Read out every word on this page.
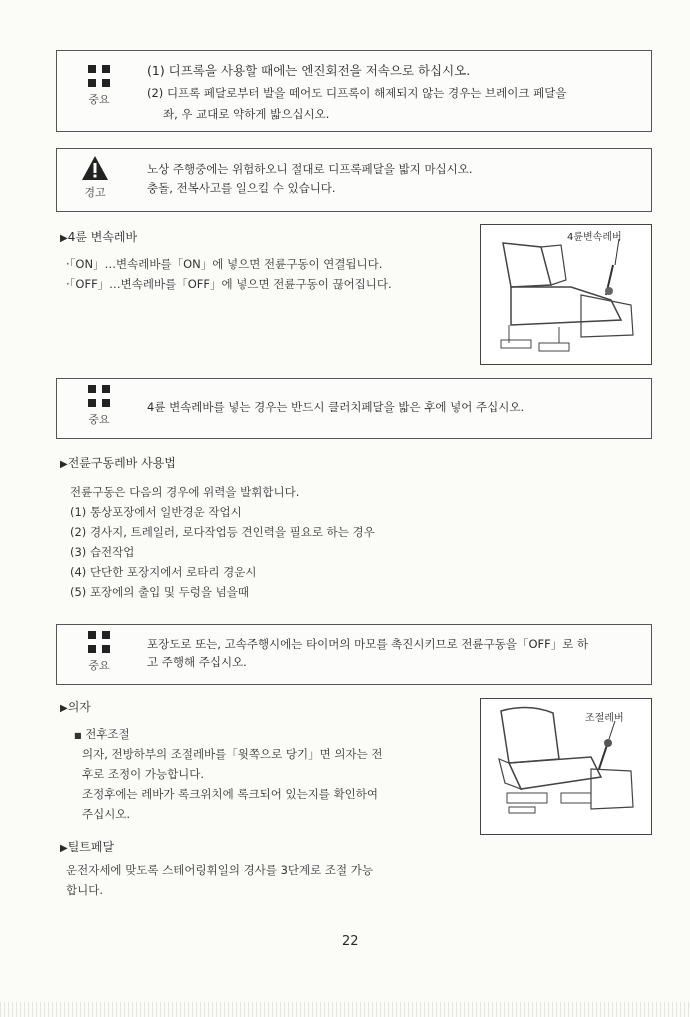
중요
(1) 디프록을 사용할 때에는 엔진회전을 저속으로 하십시오.
(2) 디프록 페달로부터 발을 떼어도 디프록이 해제되지 않는 경우는 브레이크 페달을
좌, 우 교대로 약하게 밟으십시오.
경고
노상 주행중에는 위험하오니 절대로 디프록페달을 밟지 마십시오.
충돌, 전복사고를 일으킬 수 있습니다.
▶4륜 변속레바
·「ON」…변속레바를「ON」에 넣으면 전륜구동이 연결됩니다.
·「OFF」…변속레바를「OFF」에 넣으면 전륜구동이 끊어집니다.
4륜변속레버
중요
4륜 변속레바를 넣는 경우는 반드시 클러치페달을 밟은 후에 넣어 주십시오.
▶전륜구동레바 사용법
전륜구동은 다음의 경우에 위력을 발휘합니다.
(1) 통상포장에서 일반경운 작업시
(2) 경사지, 트레일러, 로다작업등 견인력을 필요로 하는 경우
(3) 습전작업
(4) 단단한 포장지에서 로타리 경운시
(5) 포장에의 출입 및 두렁을 넘을때
중요
포장도로 또는, 고속주행시에는 타이머의 마모를 촉진시키므로 전륜구동을「OFF」로 하
고 주행해 주십시오.
▶의자
■ 전후조절
의자, 전방하부의 조절레바를「윗쪽으로 당기」면 의자는 전
후로 조정이 가능합니다.
조정후에는 레바가 록크위치에 록크되어 있는지를 확인하여
주십시오.
조절레버
▶틸트페달
운전자세에 맞도록 스테어링휘일의 경사를 3단계로 조절 가능
합니다.
22
